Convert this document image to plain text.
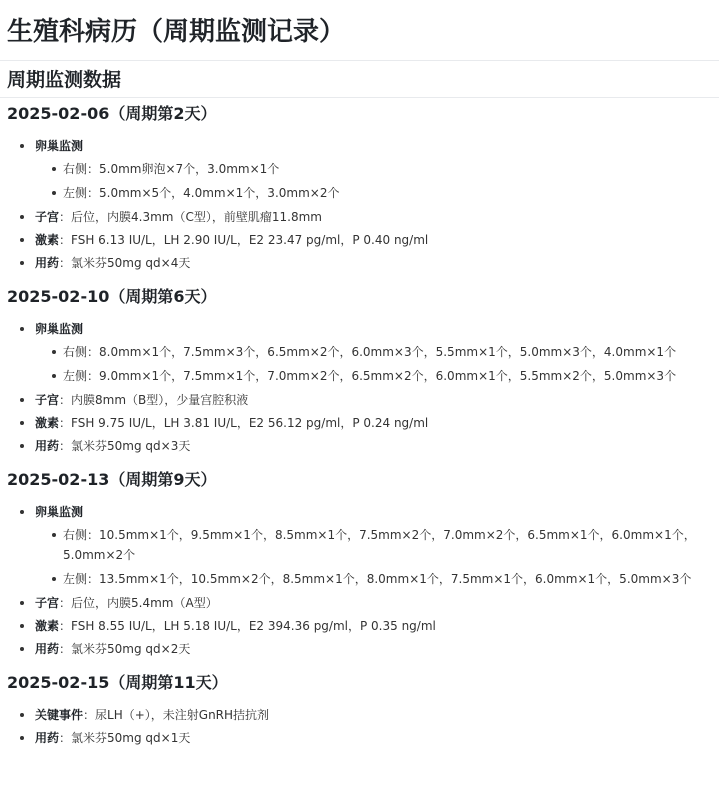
生殖科病历（周期监测记录）
周期监测数据
2025-02-06（周期第2天）
卵巢监测
右侧：5.0mm卵泡×7个，3.0mm×1个
左侧：5.0mm×5个，4.0mm×1个，3.0mm×2个
子宫：后位，内膜4.3mm（C型），前壁肌瘤11.8mm
激素：FSH 6.13 IU/L，LH 2.90 IU/L，E2 23.47 pg/ml，P 0.40 ng/ml
用药：氯米芬50mg qd×4天
2025-02-10（周期第6天）
卵巢监测
右侧：8.0mm×1个，7.5mm×3个，6.5mm×2个，6.0mm×3个，5.5mm×1个，5.0mm×3个，4.0mm×1个
左侧：9.0mm×1个，7.5mm×1个，7.0mm×2个，6.5mm×2个，6.0mm×1个，5.5mm×2个，5.0mm×3个
子宫：内膜8mm（B型），少量宫腔积液
激素：FSH 9.75 IU/L，LH 3.81 IU/L，E2 56.12 pg/ml，P 0.24 ng/ml
用药：氯米芬50mg qd×3天
2025-02-13（周期第9天）
卵巢监测
右侧：10.5mm×1个，9.5mm×1个，8.5mm×1个，7.5mm×2个，7.0mm×2个，6.5mm×1个，6.0mm×1个，5.0mm×2个
左侧：13.5mm×1个，10.5mm×2个，8.5mm×1个，8.0mm×1个，7.5mm×1个，6.0mm×1个，5.0mm×3个
子宫：后位，内膜5.4mm（A型）
激素：FSH 8.55 IU/L，LH 5.18 IU/L，E2 394.36 pg/ml，P 0.35 ng/ml
用药：氯米芬50mg qd×2天
2025-02-15（周期第11天）
关键事件：尿LH（+），未注射GnRH拮抗剂
用药：氯米芬50mg qd×1天
